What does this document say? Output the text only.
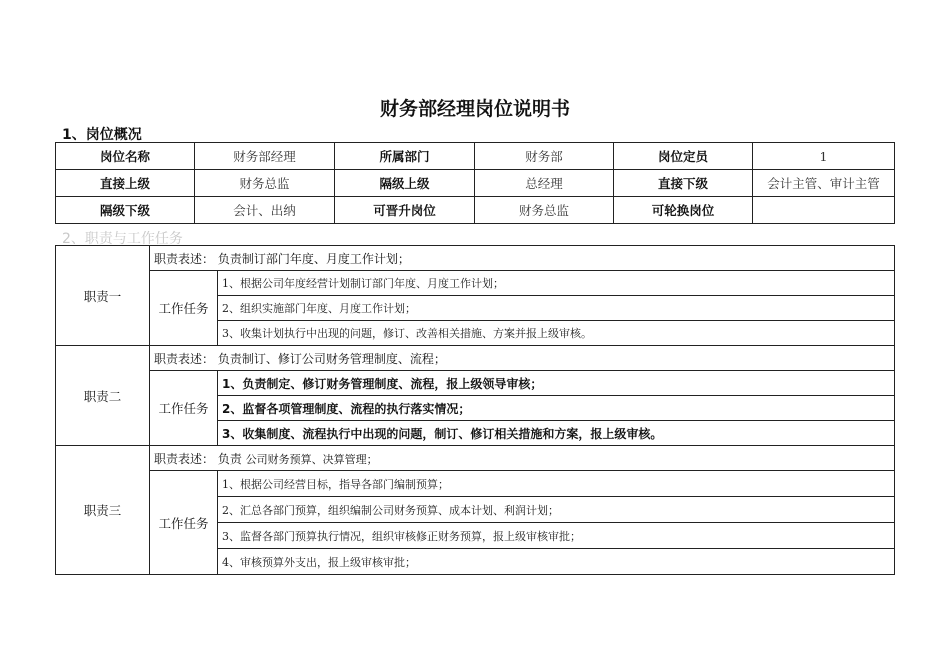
财务部经理岗位说明书
1、岗位概况
岗位名称	财务部经理	所属部门	财务部	岗位定员	1
直接上级	财务总监	隔级上级	总经理	直接下级	会计主管、审计主管
隔级下级	会计、出纳	可晋升岗位	财务总监	可轮换岗位	
2、职责与工作任务
职责一	职责表述： 负责制订部门年度、月度工作计划；	
	工作任务	1、根据公司年度经营计划制订部门年度、月度工作计划；
		2、组织实施部门年度、月度工作计划；
		3、收集计划执行中出现的问题，修订、改善相关措施、方案并报上级审核。
职责二	职责表述： 负责制订、修订公司财务管理制度、流程；	
	工作任务	1、负责制定、修订财务管理制度、流程，报上级领导审核；
		2、监督各项管理制度、流程的执行落实情况；
		3、收集制度、流程执行中出现的问题，制订、修订相关措施和方案，报上级审核。
职责三	职责表述： 负责 公司财务预算、决算管理；	
	工作任务	1、根据公司经营目标，指导各部门编制预算；
		2、汇总各部门预算，组织编制公司财务预算、成本计划、利润计划；
		3、监督各部门预算执行情况，组织审核修正财务预算，报上级审核审批；
		4、审核预算外支出，报上级审核审批；
